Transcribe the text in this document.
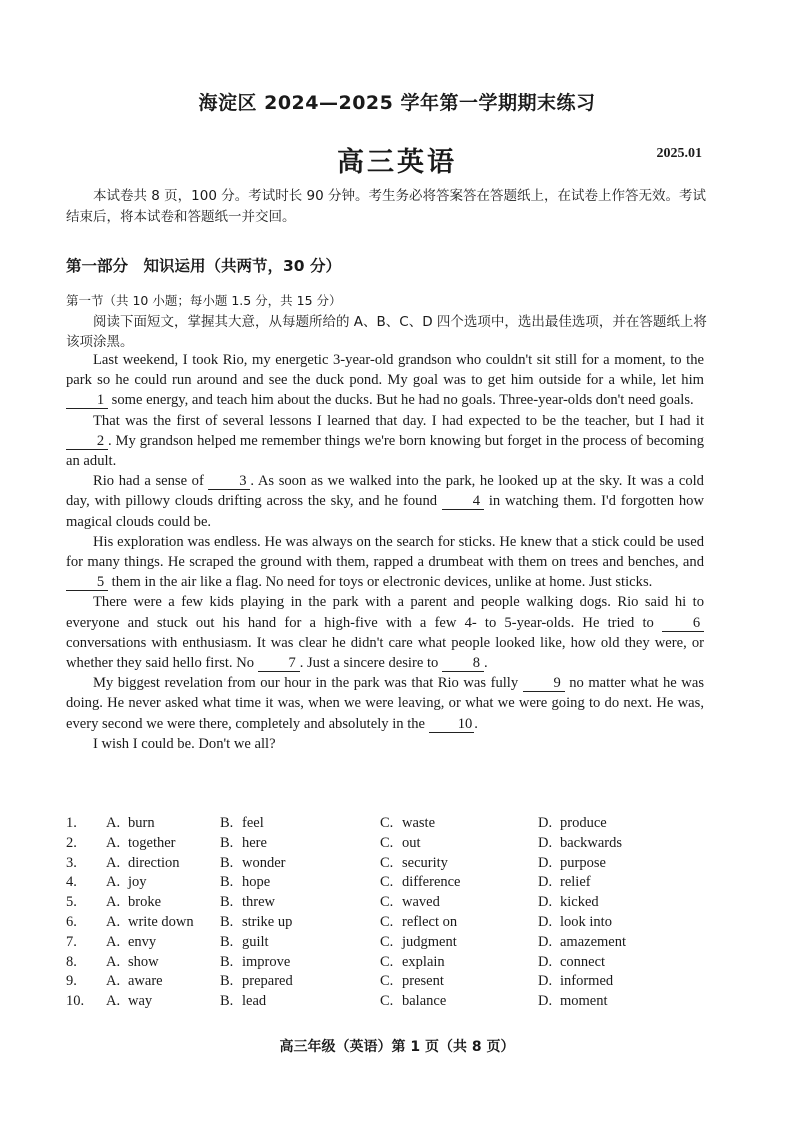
海淀区 2024—2025 学年第一学期期末练习
高三英语	2025.01
本试卷共 8 页，100 分。考试时长 90 分钟。考生务必将答案答在答题纸上，在试卷上作答无效。考试结束后，将本试卷和答题纸一并交回。
第一部分　知识运用（共两节，30 分）
第一节（共 10 小题；每小题 1.5 分，共 15 分）
阅读下面短文，掌握其大意，从每题所给的 A、B、C、D 四个选项中，选出最佳选项，并在答题纸上将该项涂黑。

Last weekend, I took Rio, my energetic 3-year-old grandson who couldn't sit still for a moment, to the park so he could run around and see the duck pond. My goal was to get him outside for a while, let him 1 some energy, and teach him about the ducks. But he had no goals. Three-year-olds don't need goals.

That was the first of several lessons I learned that day. I had expected to be the teacher, but I had it 2 . My grandson helped me remember things we're born knowing but forget in the process of becoming an adult.

Rio had a sense of 3 . As soon as we walked into the park, he looked up at the sky. It was a cold day, with pillowy clouds drifting across the sky, and he found 4 in watching them. I'd forgotten how magical clouds could be.

His exploration was endless. He was always on the search for sticks. He knew that a stick could be used for many things. He scraped the ground with them, rapped a drumbeat with them on trees and benches, and 5 them in the air like a flag. No need for toys or electronic devices, unlike at home. Just sticks.

There were a few kids playing in the park with a parent and people walking dogs. Rio said hi to everyone and stuck out his hand for a high-five with a few 4- to 5-year-olds. He tried to 6 conversations with enthusiasm. It was clear he didn't care what people looked like, how old they were, or whether they said hello first. No 7 . Just a sincere desire to 8 .

My biggest revelation from our hour in the park was that Rio was fully 9 no matter what he was doing. He never asked what time it was, when we were leaving, or what we were going to do next. He was, every second we were there, completely and absolutely in the 10 .

I wish I could be. Don't we all?

1.	A. burn	B. feel	C. waste	D. produce
2.	A. together	B. here	C. out	D. backwards
3.	A. direction	B. wonder	C. security	D. purpose
4.	A. joy	B. hope	C. difference	D. relief
5.	A. broke	B. threw	C. waved	D. kicked
6.	A. write down B. strike up	C. reflect on	D. look into
7.	A. envy	B. guilt	C. judgment	D. amazement
8.	A. show	B. improve	C. explain	D. connect
9.	A. aware	B. prepared	C. present	D. informed
10.	A. way	B. lead	C. balance	D. moment
高三年级（英语）第 1 页（共 8 页）
